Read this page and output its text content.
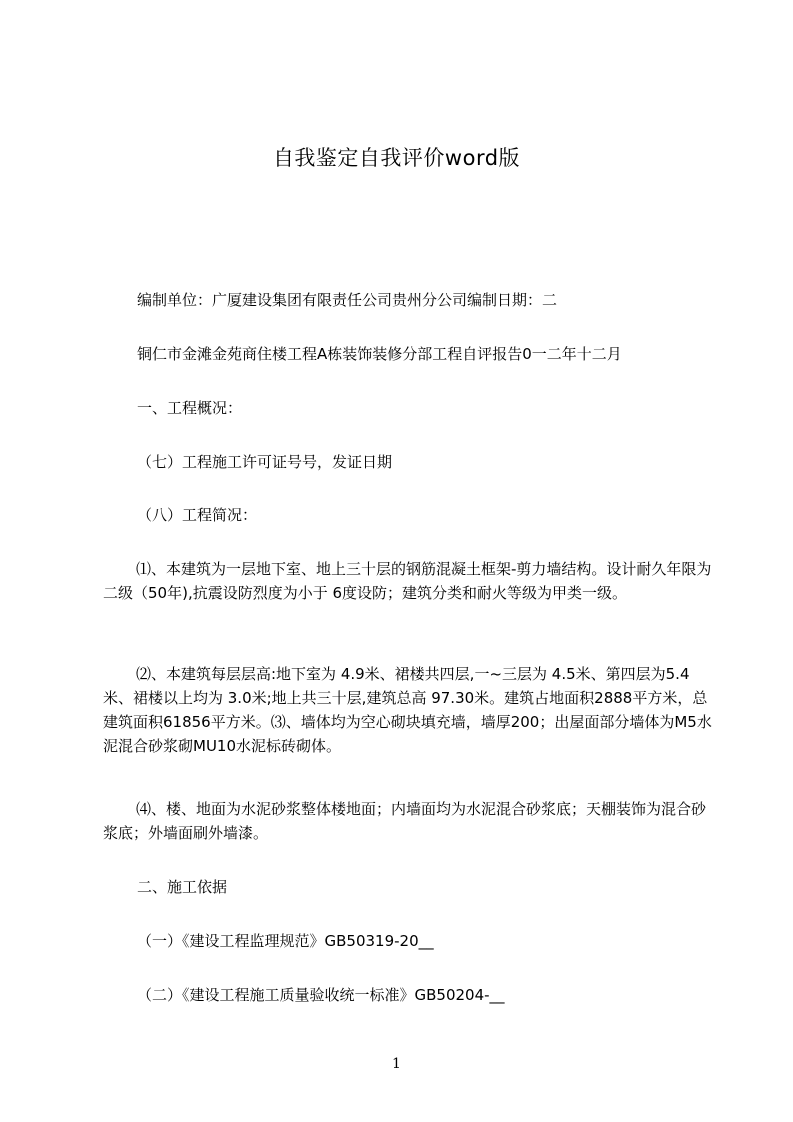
自我鉴定自我评价word版
编制单位：广厦建设集团有限责任公司贵州分公司编制日期：二
铜仁市金滩金苑商住楼工程A栋装饰装修分部工程自评报告0一二年十二月
一、工程概况：
（七）工程施工许可证号号，发证日期
（八）工程简况：
⑴、本建筑为一层地下室、地上三十层的钢筋混凝土框架-剪力墙结构。设计耐久年限为二级（50年),抗震设防烈度为小于 6度设防；建筑分类和耐火等级为甲类一级。
⑵、本建筑每层层高:地下室为 4.9米、裙楼共四层,一~三层为 4.5米、第四层为5.4米、裙楼以上均为 3.0米;地上共三十层,建筑总高 97.30米。建筑占地面积2888平方米，总建筑面积61856平方米。⑶、墙体均为空心砌块填充墙，墙厚200；出屋面部分墙体为M5水泥混合砂浆砌MU10水泥标砖砌体。
⑷、楼、地面为水泥砂浆整体楼地面；内墙面均为水泥混合砂浆底；天棚装饰为混合砂浆底；外墙面刷外墙漆。
二、施工依据
（一）《建设工程监理规范》GB50319-20__
（二）《建设工程施工质量验收统一标准》GB50204-__
1
